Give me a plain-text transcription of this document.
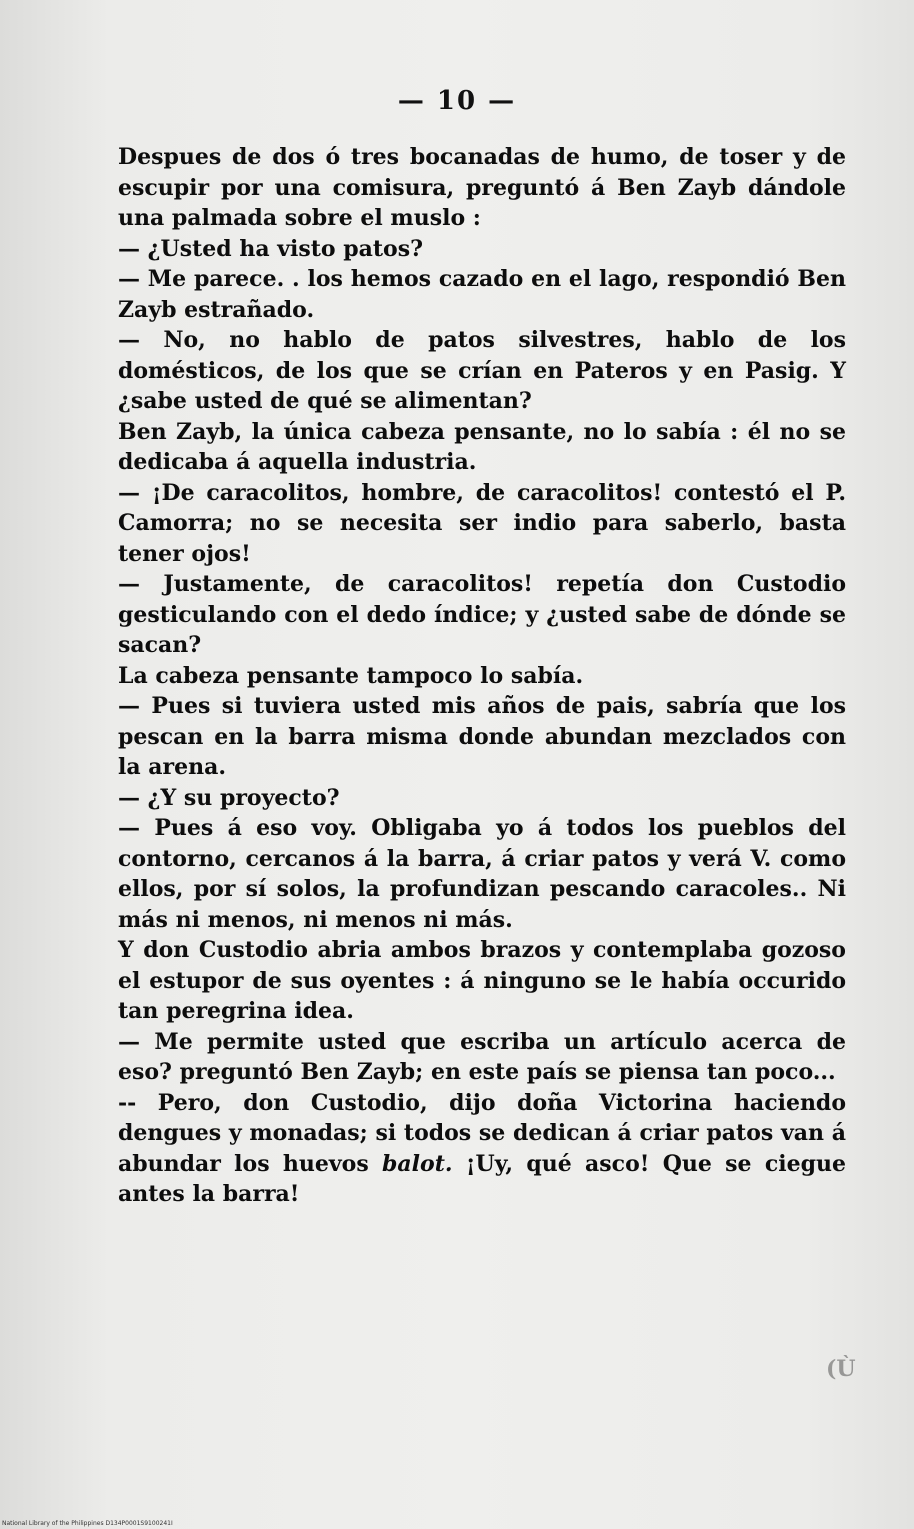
— 10 —

Despues de dos ó tres bocanadas de humo, de toser y de escupir por una comisura, preguntó á Ben Zayb dándole una palmada sobre el muslo :

— ¿Usted ha visto patos?

— Me parece. . los hemos cazado en el lago, respondió Ben Zayb estrañado.

— No, no hablo de patos silvestres, hablo de los domésticos, de los que se crían en Pateros y en Pasig. Y ¿sabe usted de qué se alimentan?

Ben Zayb, la única cabeza pensante, no lo sabía : él no se dedicaba á aquella industria.

— ¡De caracolitos, hombre, de caracolitos! contestó el P. Camorra; no se necesita ser indio para saberlo, basta tener ojos!

— Justamente, de caracolitos! repetía don Custodio gesticulando con el dedo índice; y ¿usted sabe de dónde se sacan?

La cabeza pensante tampoco lo sabía.

— Pues si tuviera usted mis años de pais, sabría que los pescan en la barra misma donde abundan mezclados con la arena.

— ¿Y su proyecto?

— Pues á eso voy. Obligaba yo á todos los pueblos del contorno, cercanos á la barra, á criar patos y verá V. como ellos, por sí solos, la profundizan pescando caracoles.. Ni más ni menos, ni menos ni más.

Y don Custodio abria ambos brazos y contemplaba gozoso el estupor de sus oyentes : á ninguno se le había occurido tan peregrina idea.

— Me permite usted que escriba un artículo acerca de eso? preguntó Ben Zayb; en este país se piensa tan poco...

-- Pero, don Custodio, dijo doña Victorina haciendo dengues y monadas; si todos se dedican á criar patos van á abundar los huevos balot. ¡Uy, qué asco! Que se ciegue antes la barra!

(Ù
National Library of the Philippines D134P0001S9100241I
